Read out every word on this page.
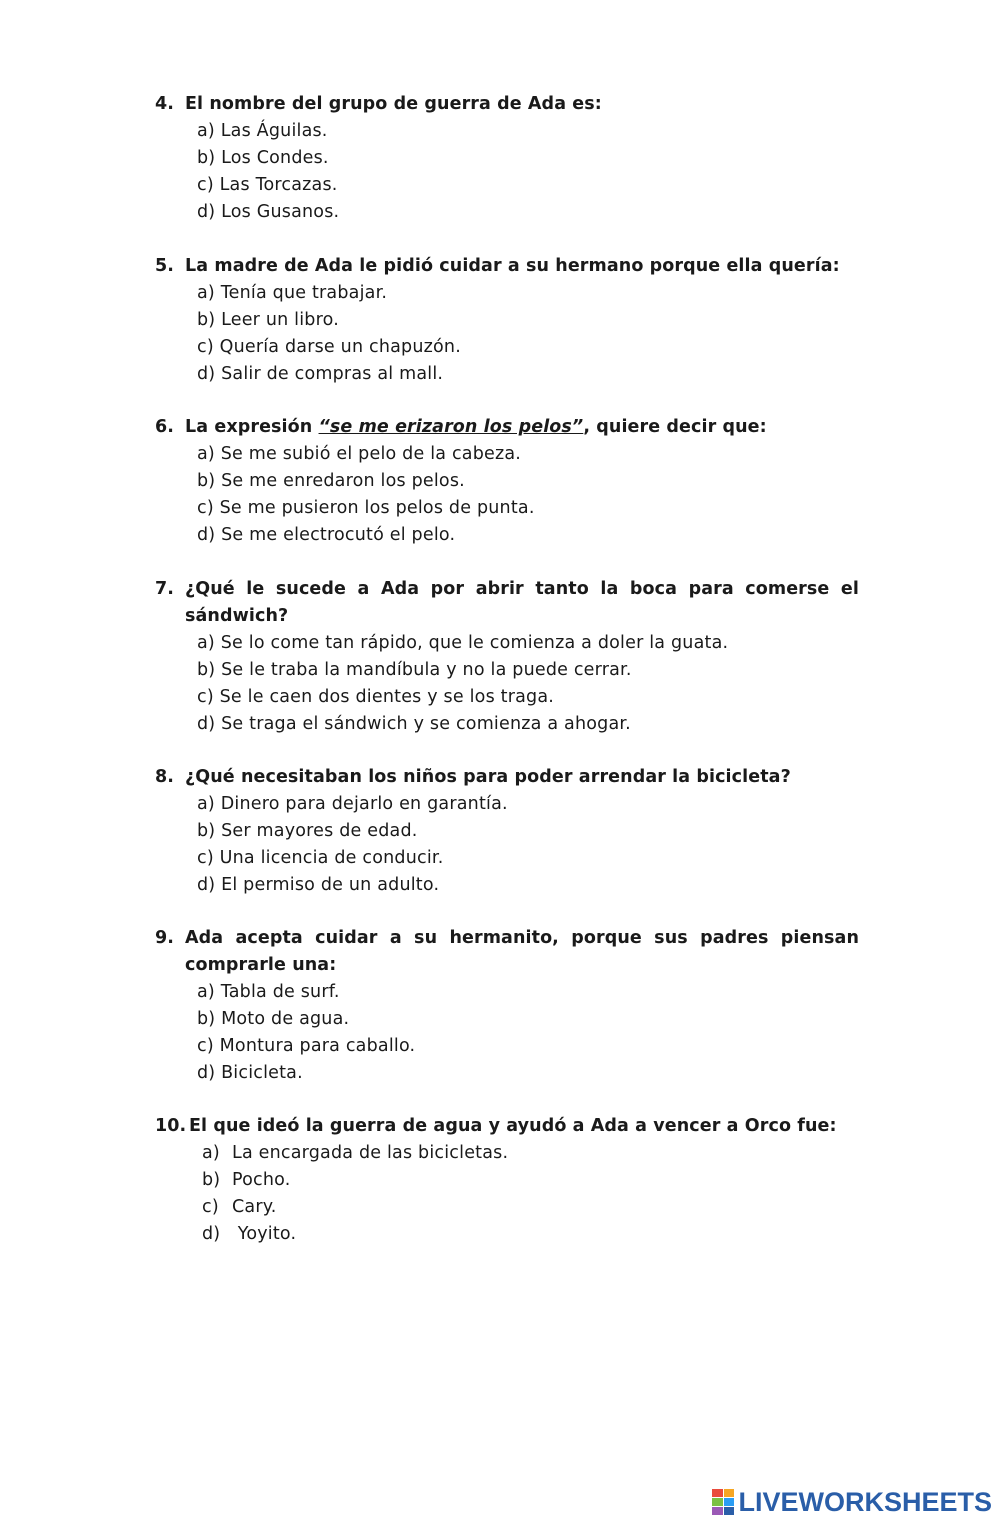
4. El nombre del grupo de guerra de Ada es:

a) Las Águilas.
b) Los Condes.
c) Las Torcazas.
d) Los Gusanos.

5. La madre de Ada le pidió cuidar a su hermano porque ella quería:

a) Tenía que trabajar.
b) Leer un libro.
c) Quería darse un chapuzón.
d) Salir de compras al mall.

6. La expresión “se me erizaron los pelos”, quiere decir que:

a) Se me subió el pelo de la cabeza.
b) Se me enredaron los pelos.
c) Se me pusieron los pelos de punta.
d) Se me electrocutó el pelo.

7. ¿Qué le sucede a Ada por abrir tanto la boca para comerse el sándwich?

a) Se lo come tan rápido, que le comienza a doler la guata.
b) Se le traba la mandíbula y no la puede cerrar.
c) Se le caen dos dientes y se los traga.
d) Se traga el sándwich y se comienza a ahogar.

8. ¿Qué necesitaban los niños para poder arrendar la bicicleta?

a) Dinero para dejarlo en garantía.
b) Ser mayores de edad.
c) Una licencia de conducir.
d) El permiso de un adulto.

9. Ada acepta cuidar a su hermanito, porque sus padres piensan comprarle una:

a) Tabla de surf.
b) Moto de agua.
c) Montura para caballo.
d) Bicicleta.

10. El que ideó la guerra de agua y ayudó a Ada a vencer a Orco fue:

a) La encargada de las bicicletas.
b) Pocho.
c) Cary.
d) Yoyito.
LIVEWORKSHEETS
